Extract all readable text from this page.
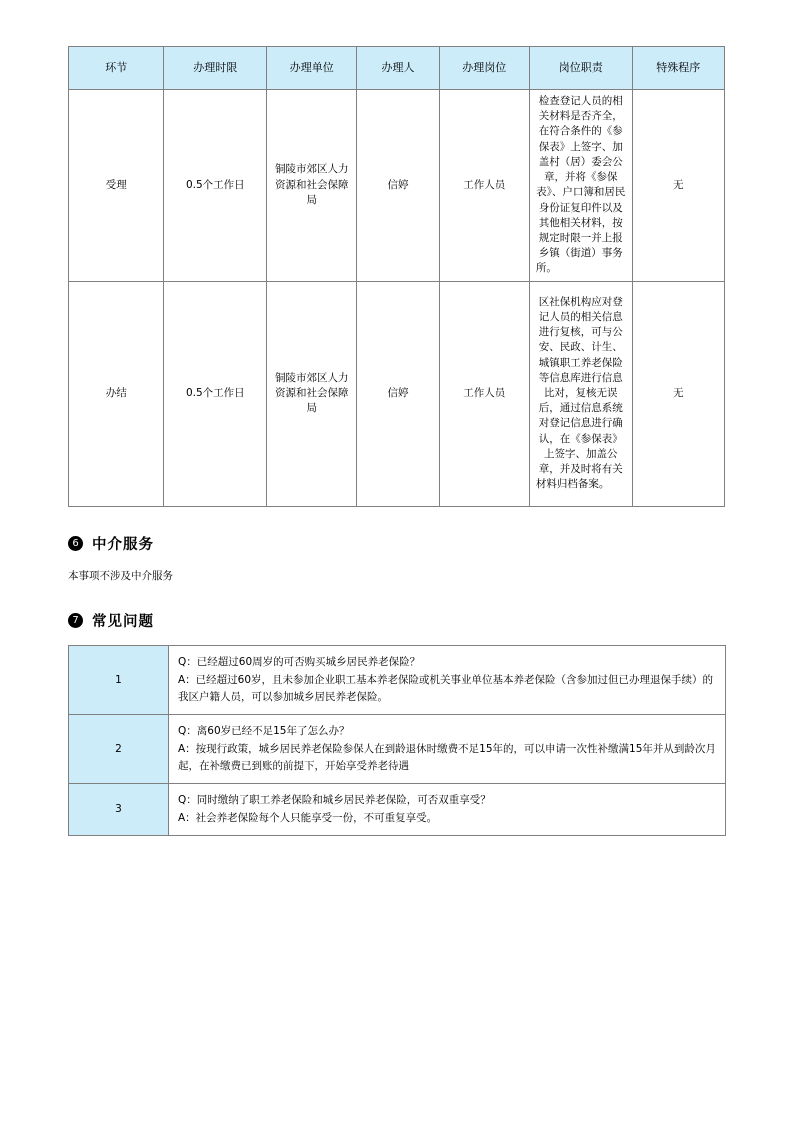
环节	办理时限	办理单位	办理人	办理岗位	岗位职责	特殊程序
受理	0.5个工作日	铜陵市郊区人力资源和社会保障局	信婷	工作人员	检查登记人员的相关材料是否齐全，在符合条件的《参保表》上签字、加盖村（居）委会公章，并将《参保表》、户口簿和居民身份证复印件以及其他相关材料，按规定时限一并上报乡镇（街道）事务所。	无
办结	0.5个工作日	铜陵市郊区人力资源和社会保障局	信婷	工作人员	区社保机构应对登记人员的相关信息进行复核，可与公安、民政、计生、城镇职工养老保险等信息库进行信息比对，复核无误后，通过信息系统对登记信息进行确认，在《参保表》上签字、加盖公章，并及时将有关材料归档备案。	无
6 中介服务
本事项不涉及中介服务
7 常见问题
1	Q：已经超过60周岁的可否购买城乡居民养老保险？
A：已经超过60岁，且未参加企业职工基本养老保险或机关事业单位基本养老保险（含参加过但已办理退保手续）的我区户籍人员，可以参加城乡居民养老保险。

2	Q：离60岁已经不足15年了怎么办？
A：按现行政策，城乡居民养老保险参保人在到龄退休时缴费不足15年的，可以申请一次性补缴满15年并从到龄次月起，在补缴费已到账的前提下，开始享受养老待遇

3	Q：同时缴纳了职工养老保险和城乡居民养老保险，可否双重享受？
A：社会养老保险每个人只能享受一份，不可重复享受。
